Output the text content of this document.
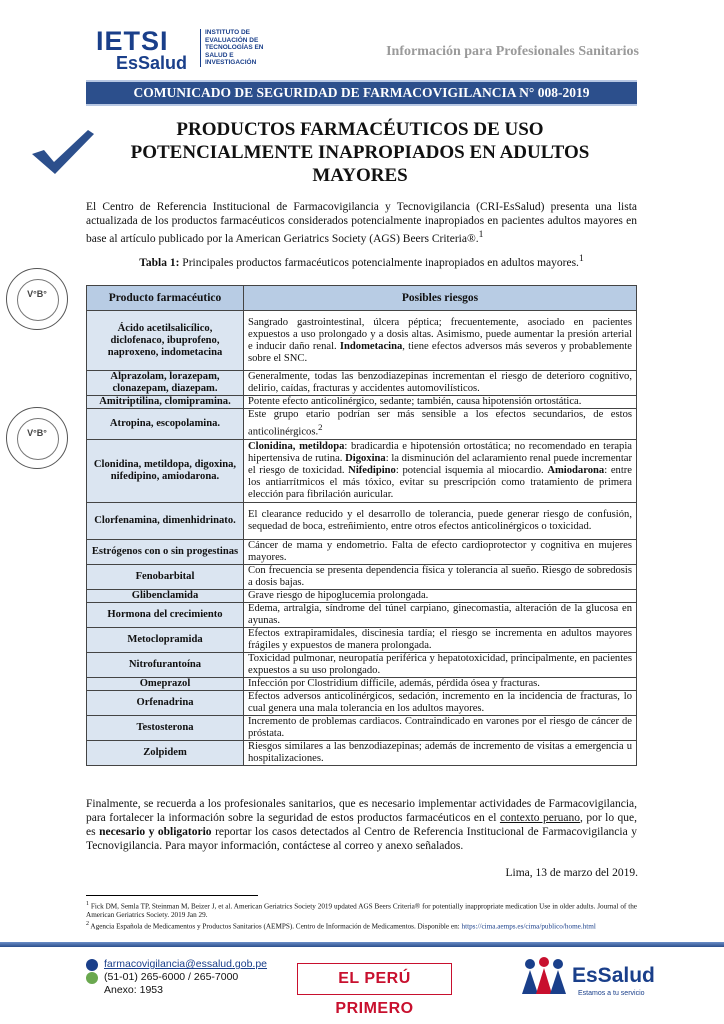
IETSI
EsSalud
INSTITUTO DE
EVALUACIÓN DE
TECNOLOGÍAS EN
SALUD E
INVESTIGACIÓN
Información para Profesionales Sanitarios
COMUNICADO DE SEGURIDAD DE FARMACOVIGILANCIA N° 008-2019
PRODUCTOS FARMACÉUTICOS DE USO
POTENCIALMENTE INAPROPIADOS EN ADULTOS
MAYORES
El Centro de Referencia Institucional de Farmacovigilancia y Tecnovigilancia (CRI-EsSalud) presenta una lista actualizada de los productos farmacéuticos considerados potencialmente inapropiados en pacientes adultos mayores en base al artículo publicado por la American Geriatrics Society (AGS) Beers Criteria®.$^1$
Tabla 1: Principales productos farmacéuticos potencialmente inapropiados en adultos mayores.$^1$
V°B°
V°B°
Producto farmacéutico	Posibles riesgos
Ácido acetilsalicílico, diclofenaco, ibuprofeno, naproxeno, indometacina	Sangrado gastrointestinal, úlcera péptica; frecuentemente, asociado en pacientes expuestos a uso prolongado y a dosis altas. Asimismo, puede aumentar la presión arterial e inducir daño renal. Indometacina, tiene efectos adversos más severos y probablemente sobre el SNC.
Alprazolam, lorazepam, clonazepam, diazepam.	Generalmente, todas las benzodiazepinas incrementan el riesgo de deterioro cognitivo, delirio, caídas, fracturas y accidentes automovilísticos.
Amitriptilina, clomipramina.	Potente efecto anticolinérgico, sedante; también, causa hipotensión ortostática.
Atropina, escopolamina.	Este grupo etario podrían ser más sensible a los efectos secundarios, de estos anticolinérgicos.$^2$
Clonidina, metildopa, digoxina, nifedipino, amiodarona.	Clonidina, metildopa: bradicardia e hipotensión ortostática; no recomendado en terapia hipertensiva de rutina. Digoxina: la disminución del aclaramiento renal puede incrementar el riesgo de toxicidad. Nifedipino: potencial isquemia al miocardio. Amiodarona: entre los antiarrítmicos el más tóxico, evitar su prescripción como tratamiento de primera elección para fibrilación auricular.
Clorfenamina, dimenhidrinato.	El clearance reducido y el desarrollo de tolerancia, puede generar riesgo de confusión, sequedad de boca, estreñimiento, entre otros efectos anticolinérgicos o toxicidad.
Estrógenos con o sin progestinas	Cáncer de mama y endometrio. Falta de efecto cardioprotector y cognitiva en mujeres mayores.
Fenobarbital	Con frecuencia se presenta dependencia física y tolerancia al sueño. Riesgo de sobredosis a dosis bajas.
Glibenclamida	Grave riesgo de hipoglucemia prolongada.
Hormona del crecimiento	Edema, artralgia, síndrome del túnel carpiano, ginecomastia, alteración de la glucosa en ayunas.
Metoclopramida	Efectos extrapiramidales, discinesia tardía; el riesgo se incrementa en adultos mayores frágiles y expuestos de manera prolongada.
Nitrofurantoína	Toxicidad pulmonar, neuropatía periférica y hepatotoxicidad, principalmente, en pacientes expuestos a su uso prolongado.
Omeprazol	Infección por Clostridium difficile, además, pérdida ósea y fracturas.
Orfenadrina	Efectos adversos anticolinérgicos, sedación, incremento en la incidencia de fracturas, lo cual genera una mala tolerancia en los adultos mayores.
Testosterona	Incremento de problemas cardiacos. Contraindicado en varones por el riesgo de cáncer de próstata.
Zolpidem	Riesgos similares a las benzodiazepinas; además de incremento de visitas a emergencia u hospitalizaciones.
Finalmente, se recuerda a los profesionales sanitarios, que es necesario implementar actividades de Farmacovigilancia, para fortalecer la información sobre la seguridad de estos productos farmacéuticos en el contexto peruano, por lo que, es necesario y obligatorio reportar los casos detectados al Centro de Referencia Institucional de Farmacovigilancia y Tecnovigilancia. Para mayor información, contáctese al correo y anexo señalados.
Lima, 13 de marzo del 2019.
$^1$ Fick DM, Semla TP, Steinman M, Beizer J, et al. American Geriatrics Society 2019 updated AGS Beers Criteria® for potentially inappropriate medication Use in older adults. Journal of the American Geriatrics Society. 2019 Jan 29.
$^2$ Agencia Española de Medicamentos y Productos Sanitarios (AEMPS). Centro de Información de Medicamentos. Disponible en: https://cima.aemps.es/cima/publico/home.html
farmacovigilancia@essalud.gob.pe
(51-01) 265-6000 / 265-7000
Anexo: 1953
EL PERÚ PRIMERO
EsSalud
Estamos a tu servicio
